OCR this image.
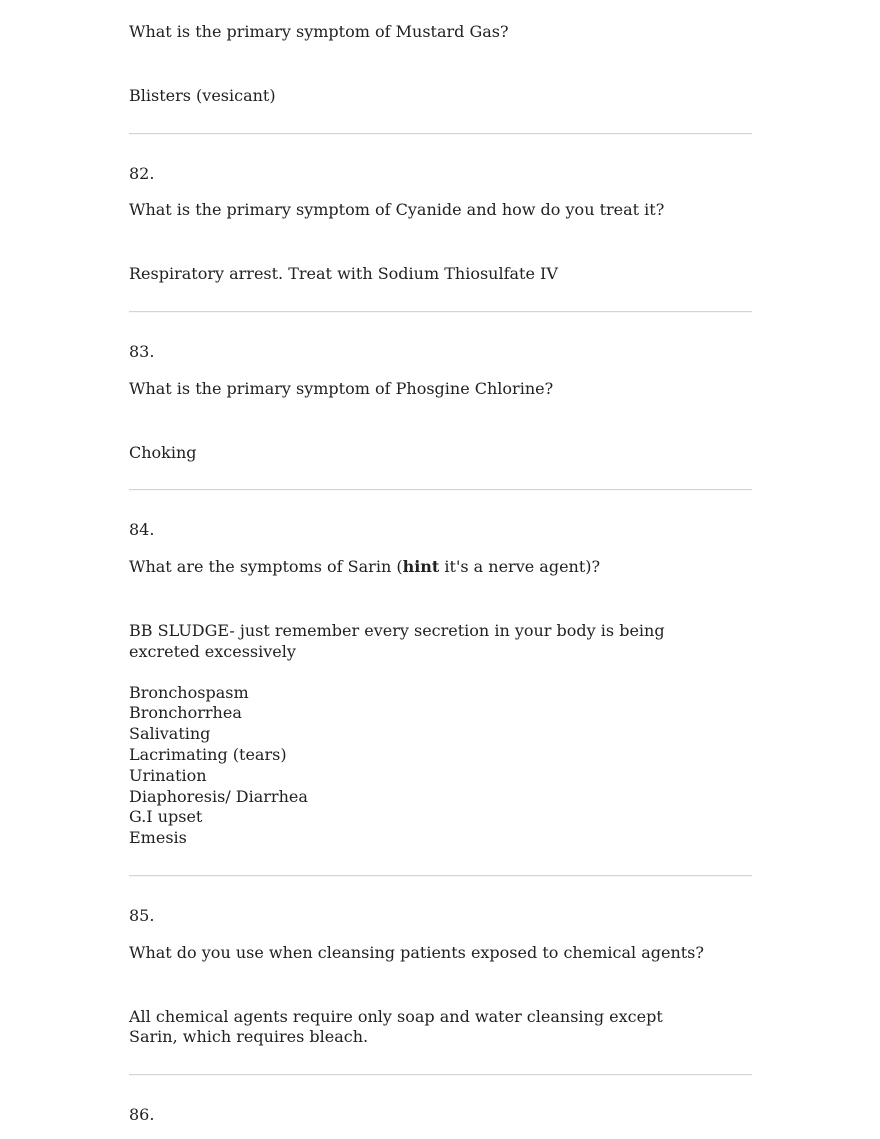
What is the primary symptom of Mustard Gas?

Blisters (vesicant)

82.

What is the primary symptom of Cyanide and how do you treat it?

Respiratory arrest. Treat with Sodium Thiosulfate IV

83.

What is the primary symptom of Phosgine Chlorine?

Choking

84.

What are the symptoms of Sarin (hint it's a nerve agent)?

BB SLUDGE- just remember every secretion in your body is being
excreted excessively

Bronchospasm
Bronchorrhea
Salivating
Lacrimating (tears)
Urination
Diaphoresis/ Diarrhea
G.I upset
Emesis

85.

What do you use when cleansing patients exposed to chemical agents?

All chemical agents require only soap and water cleansing except
Sarin, which requires bleach.

86.
